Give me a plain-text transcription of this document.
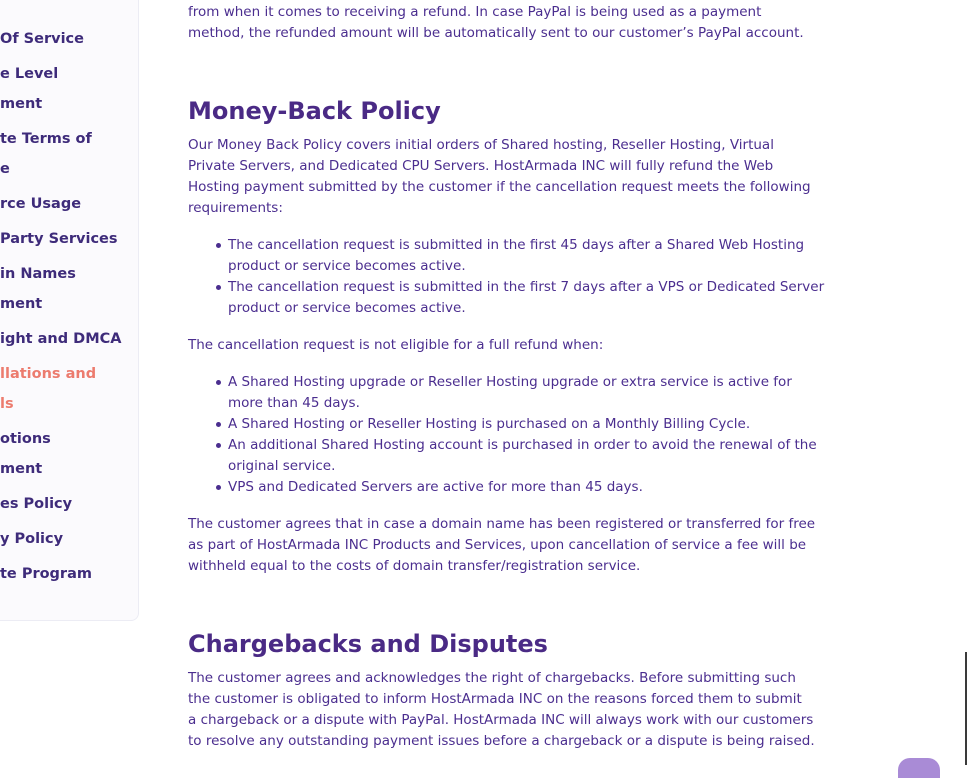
Of Service
e Level
ment
te Terms of
e
rce Usage
Party Services
in Names
ment
ight and DMCA
llations and
ls
otions
ment
es Policy
y Policy
te Program

from when it comes to receiving a refund. In case PayPal is being used as a payment

method, the refunded amount will be automatically sent to our customer’s PayPal account.

Money-Back Policy

Our Money Back Policy covers initial orders of Shared hosting, Reseller Hosting, Virtual

Private Servers, and Dedicated CPU Servers. HostArmada INC will fully refund the Web

Hosting payment submitted by the customer if the cancellation request meets the following

requirements:

The cancellation request is submitted in the first 45 days after a Shared Web Hosting
product or service becomes active.
The cancellation request is submitted in the first 7 days after a VPS or Dedicated Server
product or service becomes active.

The cancellation request is not eligible for a full refund when:

A Shared Hosting upgrade or Reseller Hosting upgrade or extra service is active for
more than 45 days.
A Shared Hosting or Reseller Hosting is purchased on a Monthly Billing Cycle.
An additional Shared Hosting account is purchased in order to avoid the renewal of the
original service.
VPS and Dedicated Servers are active for more than 45 days.

The customer agrees that in case a domain name has been registered or transferred for free

as part of HostArmada INC Products and Services, upon cancellation of service a fee will be

withheld equal to the costs of domain transfer/registration service.

Chargebacks and Disputes

The customer agrees and acknowledges the right of chargebacks. Before submitting such

the customer is obligated to inform HostArmada INC on the reasons forced them to submit

a chargeback or a dispute with PayPal. HostArmada INC will always work with our customers

to resolve any outstanding payment issues before a chargeback or a dispute is being raised.
